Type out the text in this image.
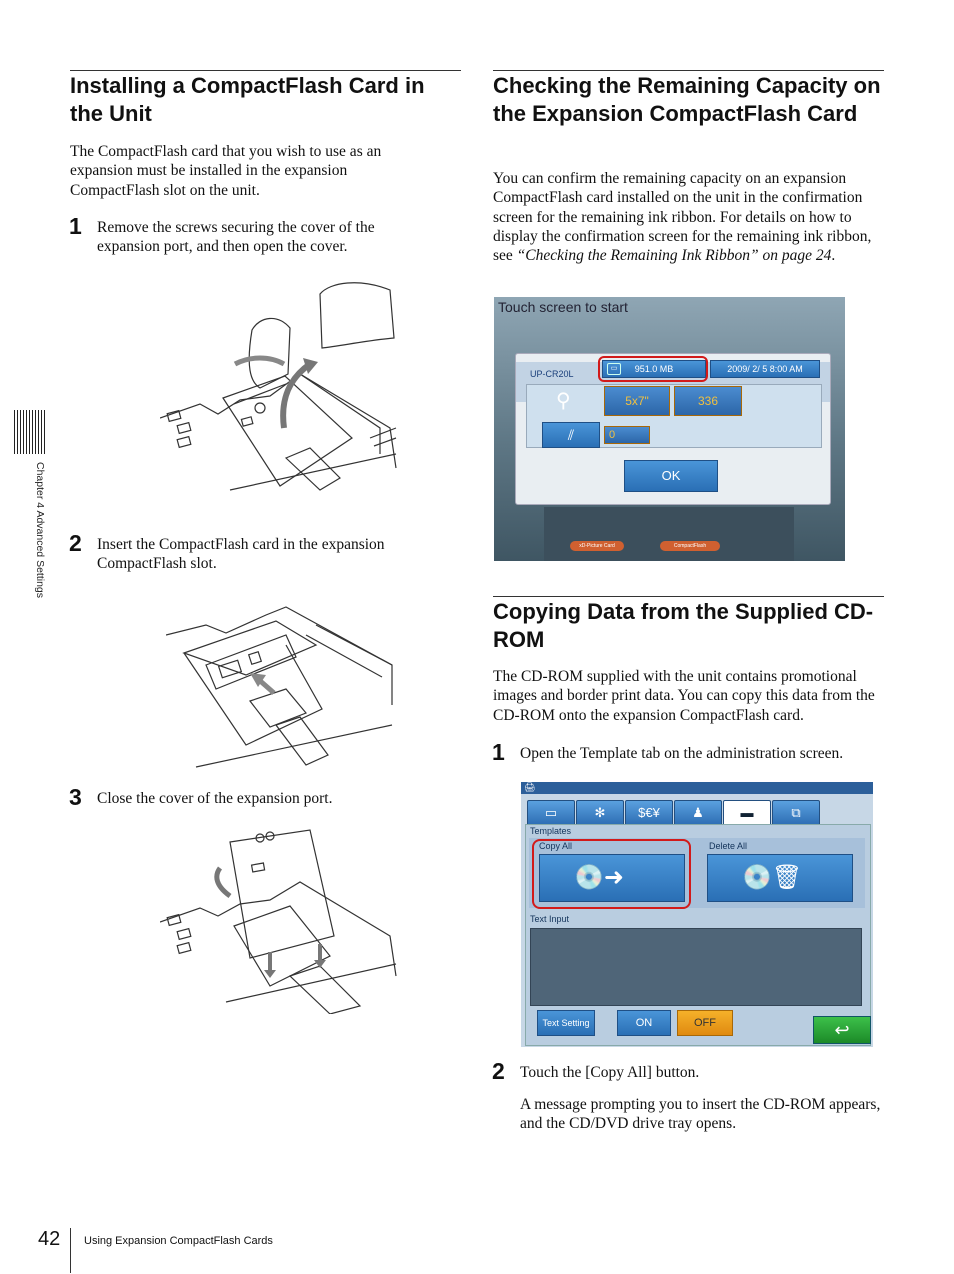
Installing a CompactFlash Card in the Unit

The CompactFlash card that you wish to use as an expansion must be installed in the expansion CompactFlash slot on the unit.

1 Remove the screws securing the cover of the expansion port, and then open the cover.

2 Insert the CompactFlash card in the expansion CompactFlash slot.

3 Close the cover of the expansion port.

Checking the Remaining Capacity on the Expansion CompactFlash Card

You can confirm the remaining capacity on an expansion CompactFlash card installed on the unit in the confirmation screen for the remaining ink ribbon. For details on how to display the confirmation screen for the remaining ink ribbon, see “Checking the Remaining Ink Ribbon” on page 24.

Touch screen to start
UP-CR20L
▭	951.0 MB	2009/ 2/ 5 8:00 AM
⚲	5x7"	336
⫽	0
OK
xD-Picture Card	CompactFlash
Copying Data from the Supplied CD-ROM

The CD-ROM supplied with the unit contains promotional images and border print data. You can copy this data from the CD-ROM onto the expansion CompactFlash card.

1 Open the Template tab on the administration screen.

🖨
▭	✻	$€¥	♟	▬	⧉
Templates
Copy All	Delete All
💿➜	💿🗑
Text Input
Text Setting	ON	OFF	↩
2 Touch the [Copy All] button.

A message prompting you to insert the CD-ROM appears, and the CD/DVD drive tray opens.

Chapter 4 Advanced Settings
42 Using Expansion CompactFlash Cards
